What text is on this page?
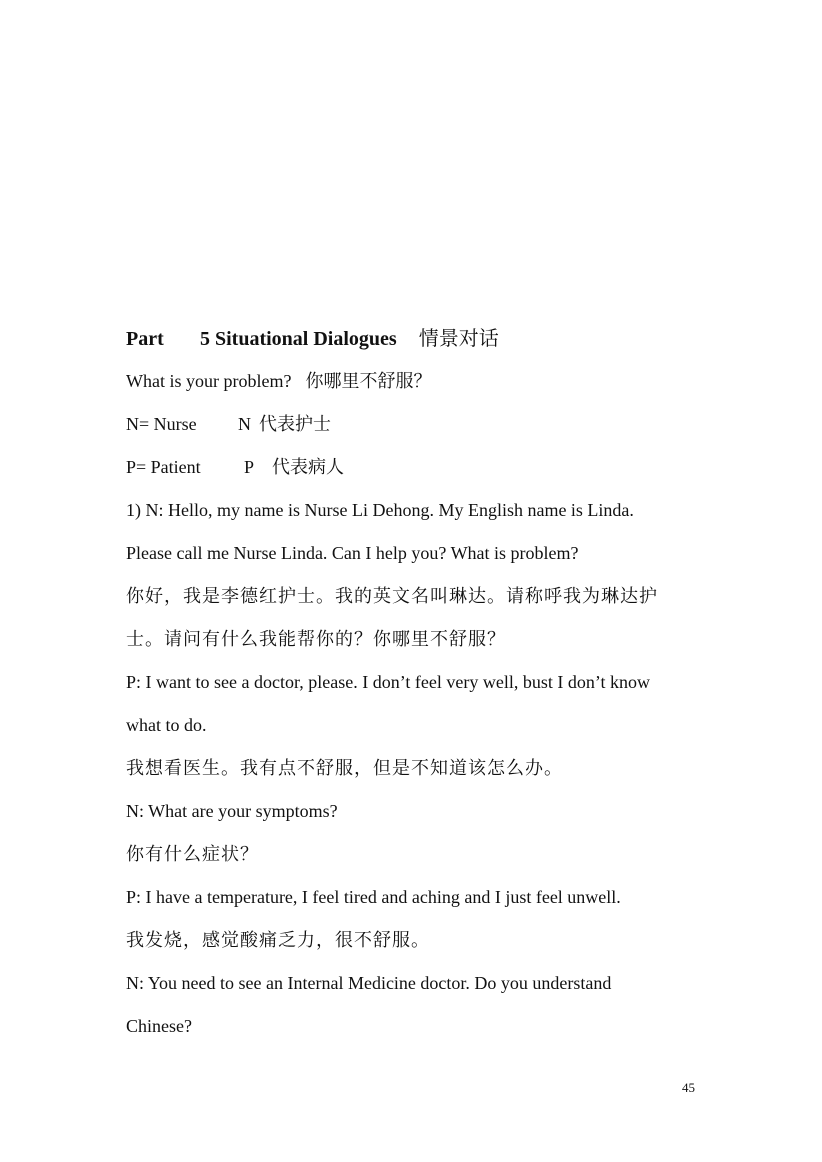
Part 5 Situational Dialogues 情景对话
What is your problem? 你哪里不舒服？
N= Nurse N 代表护士
P= Patient P 代表病人
1) N: Hello, my name is Nurse Li Dehong. My English name is Linda.
Please call me Nurse Linda. Can I help you? What is problem?
你好，我是李德红护士。我的英文名叫琳达。请称呼我为琳达护
士。请问有什么我能帮你的？你哪里不舒服？
P: I want to see a doctor, please. I don’t feel very well, bust I don’t know
what to do.
我想看医生。我有点不舒服，但是不知道该怎么办。
N: What are your symptoms?
你有什么症状？
P: I have a temperature, I feel tired and aching and I just feel unwell.
我发烧，感觉酸痛乏力，很不舒服。
N: You need to see an Internal Medicine doctor. Do you understand
Chinese?
45
